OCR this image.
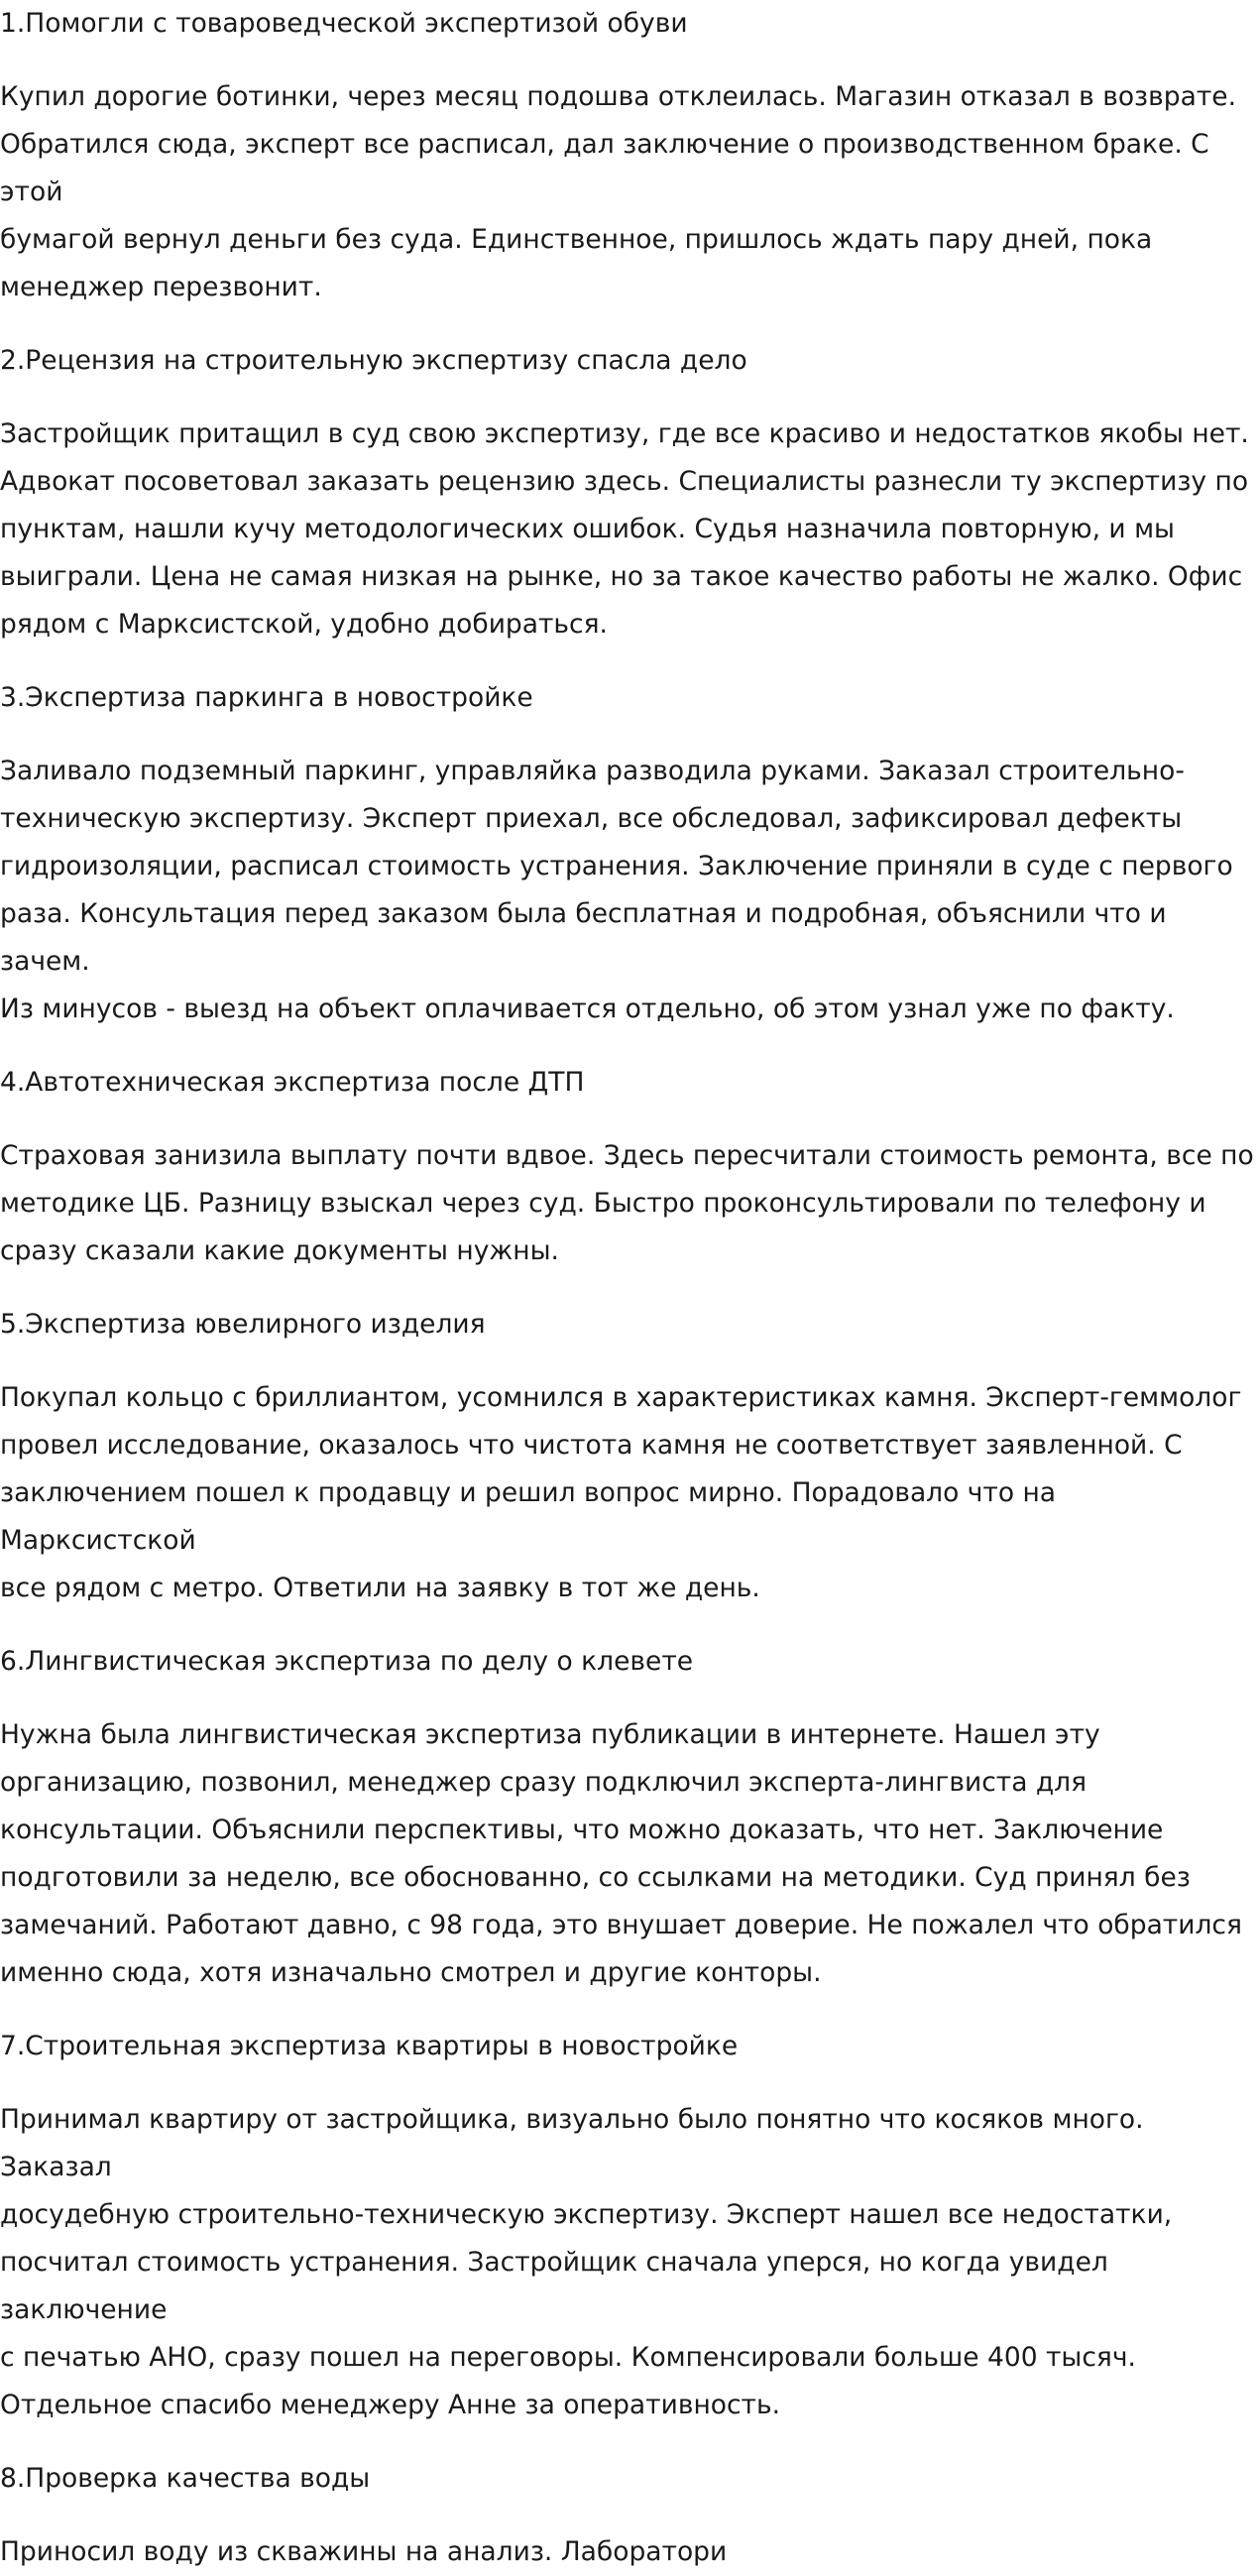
1.Помогли с товароведческой экспертизой обуви

Купил дорогие ботинки, через месяц подошва отклеилась. Магазин отказал в возврате.
Обратился сюда, эксперт все расписал, дал заключение о производственном браке. С этой
бумагой вернул деньги без суда. Единственное, пришлось ждать пару дней, пока
менеджер перезвонит.

2.Рецензия на строительную экспертизу спасла дело

Застройщик притащил в суд свою экспертизу, где все красиво и недостатков якобы нет.
Адвокат посоветовал заказать рецензию здесь. Специалисты разнесли ту экспертизу по
пунктам, нашли кучу методологических ошибок. Судья назначила повторную, и мы
выиграли. Цена не самая низкая на рынке, но за такое качество работы не жалко. Офис
рядом с Марксистской, удобно добираться.

3.Экспертиза паркинга в новостройке

Заливало подземный паркинг, управляйка разводила руками. Заказал строительно-
техническую экспертизу. Эксперт приехал, все обследовал, зафиксировал дефекты
гидроизоляции, расписал стоимость устранения. Заключение приняли в суде с первого
раза. Консультация перед заказом была бесплатная и подробная, объяснили что и зачем.
Из минусов - выезд на объект оплачивается отдельно, об этом узнал уже по факту.

4.Автотехническая экспертиза после ДТП

Страховая занизила выплату почти вдвое. Здесь пересчитали стоимость ремонта, все по
методике ЦБ. Разницу взыскал через суд. Быстро проконсультировали по телефону и
сразу сказали какие документы нужны.

5.Экспертиза ювелирного изделия

Покупал кольцо с бриллиантом, усомнился в характеристиках камня. Эксперт-геммолог
провел исследование, оказалось что чистота камня не соответствует заявленной. С
заключением пошел к продавцу и решил вопрос мирно. Порадовало что на Марксистской
все рядом с метро. Ответили на заявку в тот же день.

6.Лингвистическая экспертиза по делу о клевете

Нужна была лингвистическая экспертиза публикации в интернете. Нашел эту
организацию, позвонил, менеджер сразу подключил эксперта-лингвиста для
консультации. Объяснили перспективы, что можно доказать, что нет. Заключение
подготовили за неделю, все обоснованно, со ссылками на методики. Суд принял без
замечаний. Работают давно, с 98 года, это внушает доверие. Не пожалел что обратился
именно сюда, хотя изначально смотрел и другие конторы.

7.Строительная экспертиза квартиры в новостройке

Принимал квартиру от застройщика, визуально было понятно что косяков много. Заказал
досудебную строительно-техническую экспертизу. Эксперт нашел все недостатки,
посчитал стоимость устранения. Застройщик сначала уперся, но когда увидел заключение
с печатью АНО, сразу пошел на переговоры. Компенсировали больше 400 тысяч.
Отдельное спасибо менеджеру Анне за оперативность.

8.Проверка качества воды

Приносил воду из скважины на анализ. Лаборатори
